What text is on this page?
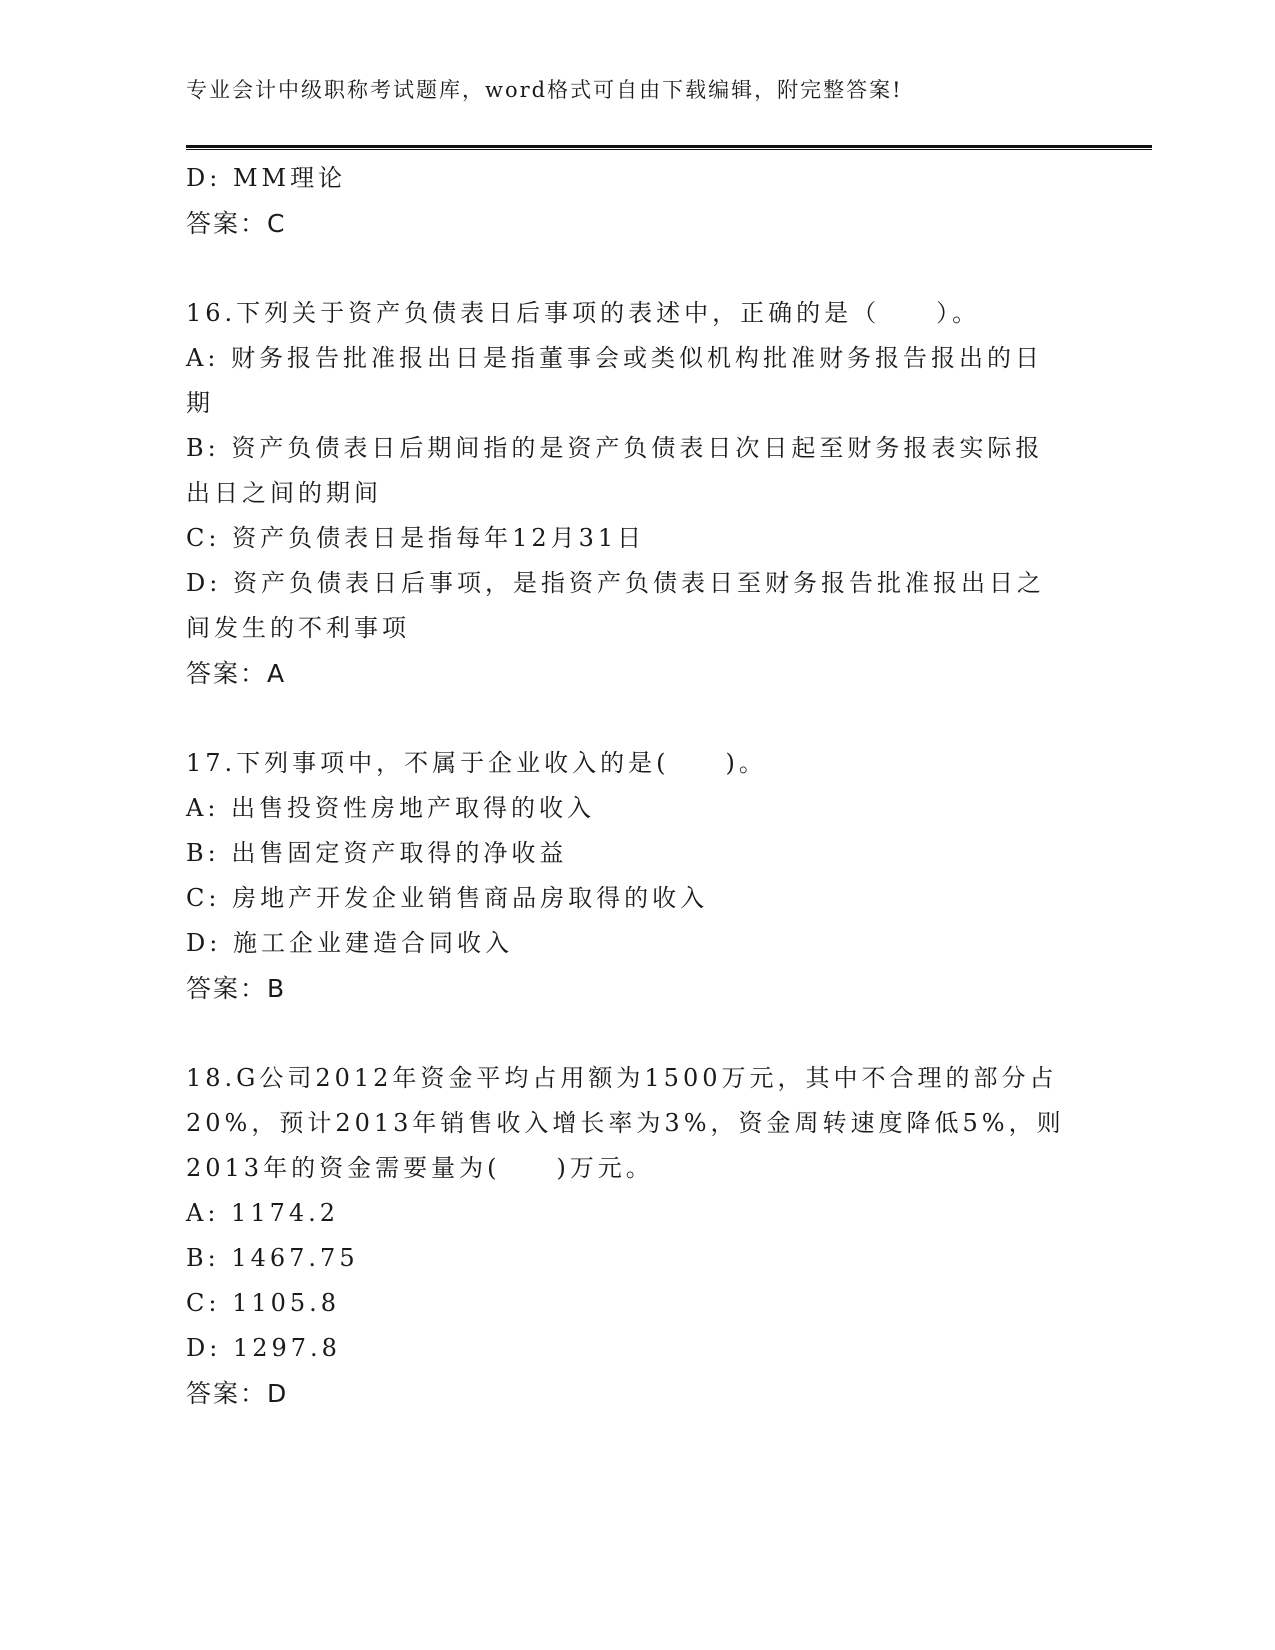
专业会计中级职称考试题库，word格式可自由下载编辑，附完整答案!
D: MM理论
答案：C
16.下列关于资产负债表日后事项的表述中，正确的是（　　）。
A: 财务报告批准报出日是指董事会或类似机构批准财务报告报出的日
期
B: 资产负债表日后期间指的是资产负债表日次日起至财务报表实际报
出日之间的期间
C: 资产负债表日是指每年12月31日
D: 资产负债表日后事项，是指资产负债表日至财务报告批准报出日之
间发生的不利事项
答案：A
17.下列事项中，不属于企业收入的是(　　)。
A: 出售投资性房地产取得的收入
B: 出售固定资产取得的净收益
C: 房地产开发企业销售商品房取得的收入
D: 施工企业建造合同收入
答案：B
18.G公司2012年资金平均占用额为1500万元，其中不合理的部分占
20%，预计2013年销售收入增长率为3%，资金周转速度降低5%，则
2013年的资金需要量为(　　)万元。
A: 1174.2
B: 1467.75
C: 1105.8
D: 1297.8
答案：D
